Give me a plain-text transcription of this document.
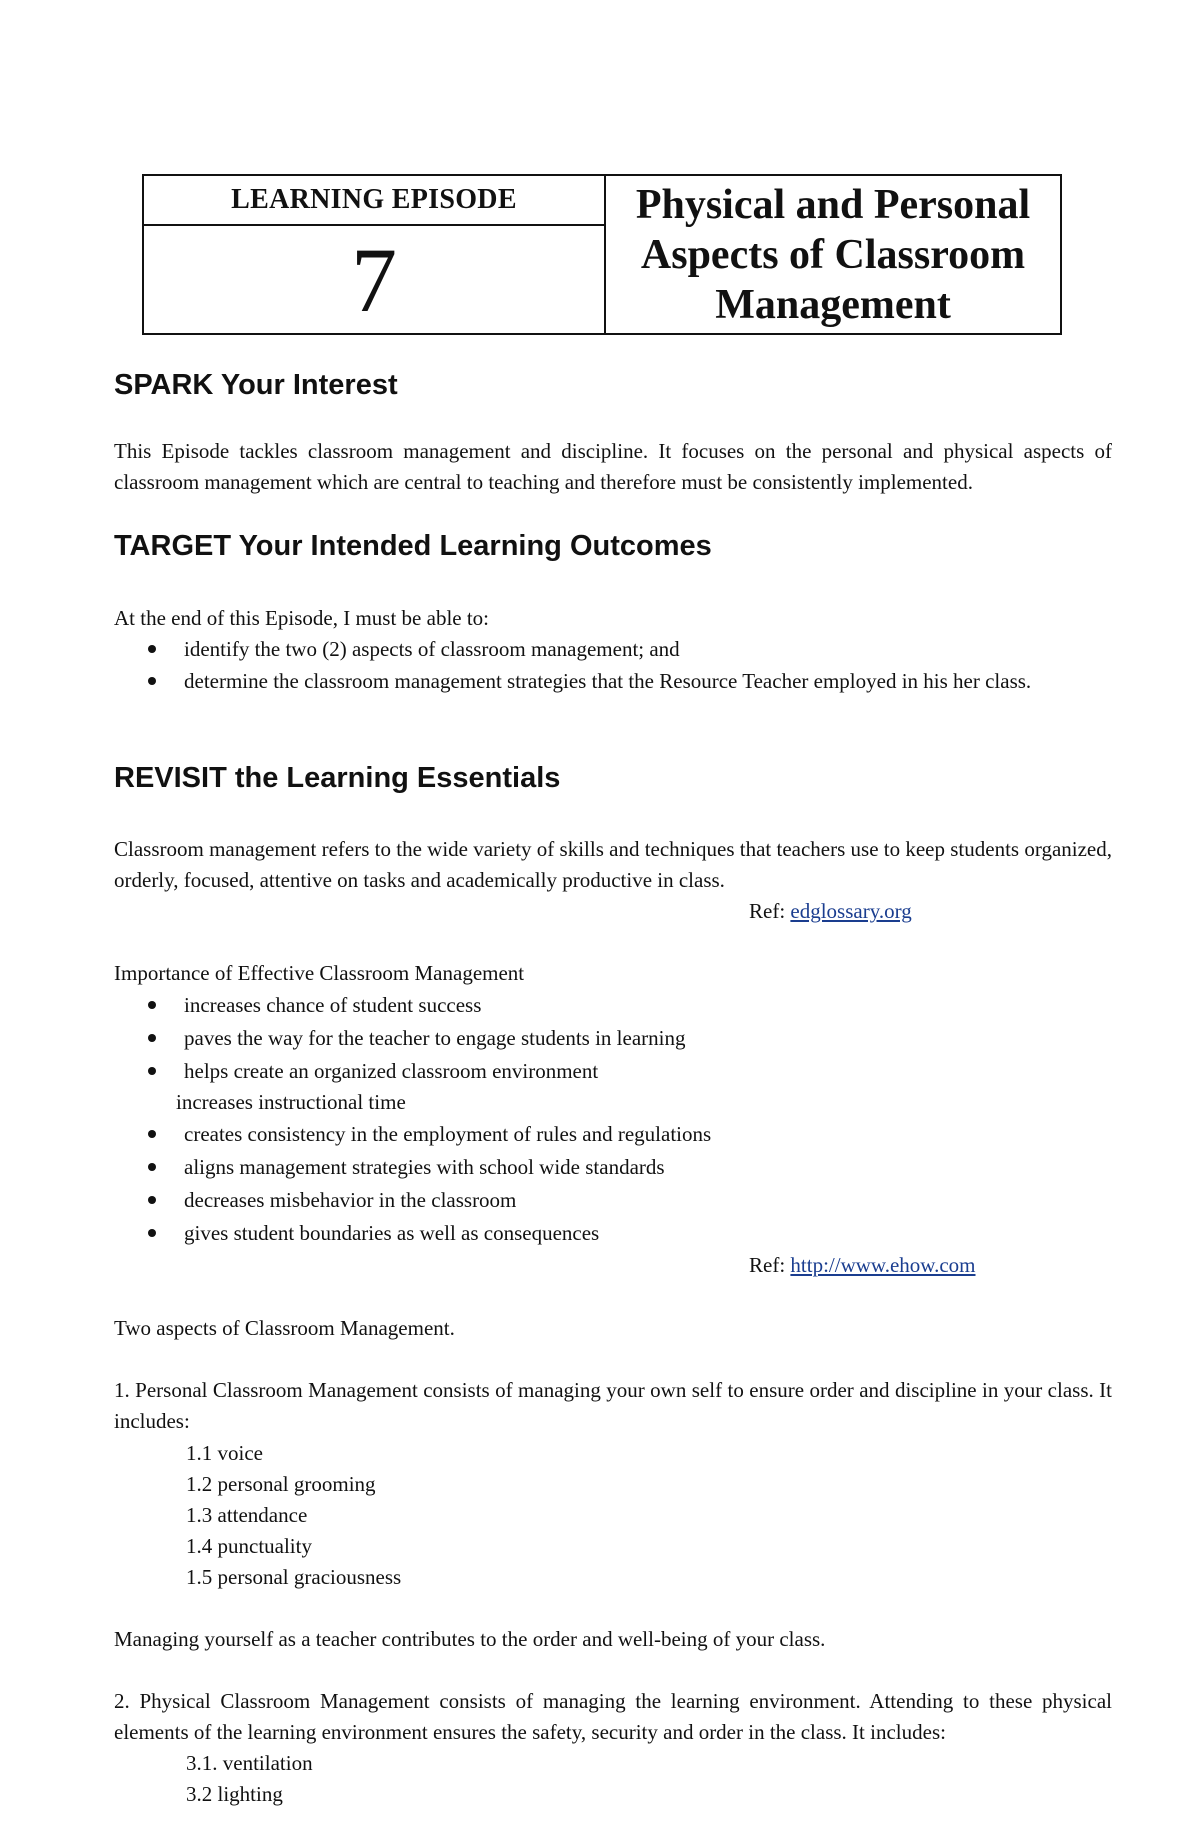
LEARNING EPISODE
7
Physical and Personal
Aspects of Classroom
Management
SPARK Your Interest
This Episode tackles classroom management and discipline. It focuses on the personal and physical aspects of classroom management which are central to teaching and therefore must be consistently implemented.
TARGET Your Intended Learning Outcomes
At the end of this Episode, I must be able to:
identify the two (2) aspects of classroom management; and
determine the classroom management strategies that the Resource Teacher employed in his her class.
REVISIT the Learning Essentials
Classroom management refers to the wide variety of skills and techniques that teachers use to keep students organized, orderly, focused, attentive on tasks and academically productive in class.
Ref: edglossary.org
Importance of Effective Classroom Management
increases chance of student success
paves the way for the teacher to engage students in learning
helps create an organized classroom environment
increases instructional time
creates consistency in the employment of rules and regulations
aligns management strategies with school wide standards
decreases misbehavior in the classroom
gives student boundaries as well as consequences
Ref: http://www.ehow.com
Two aspects of Classroom Management.
1. Personal Classroom Management consists of managing your own self to ensure order and discipline in your class. It includes:
1.1 voice
1.2 personal grooming
1.3 attendance
1.4 punctuality
1.5 personal graciousness
Managing yourself as a teacher contributes to the order and well-being of your class.
2. Physical Classroom Management consists of managing the learning environment. Attending to these physical elements of the learning environment ensures the safety, security and order in the class. It includes:
3.1. ventilation
3.2 lighting
